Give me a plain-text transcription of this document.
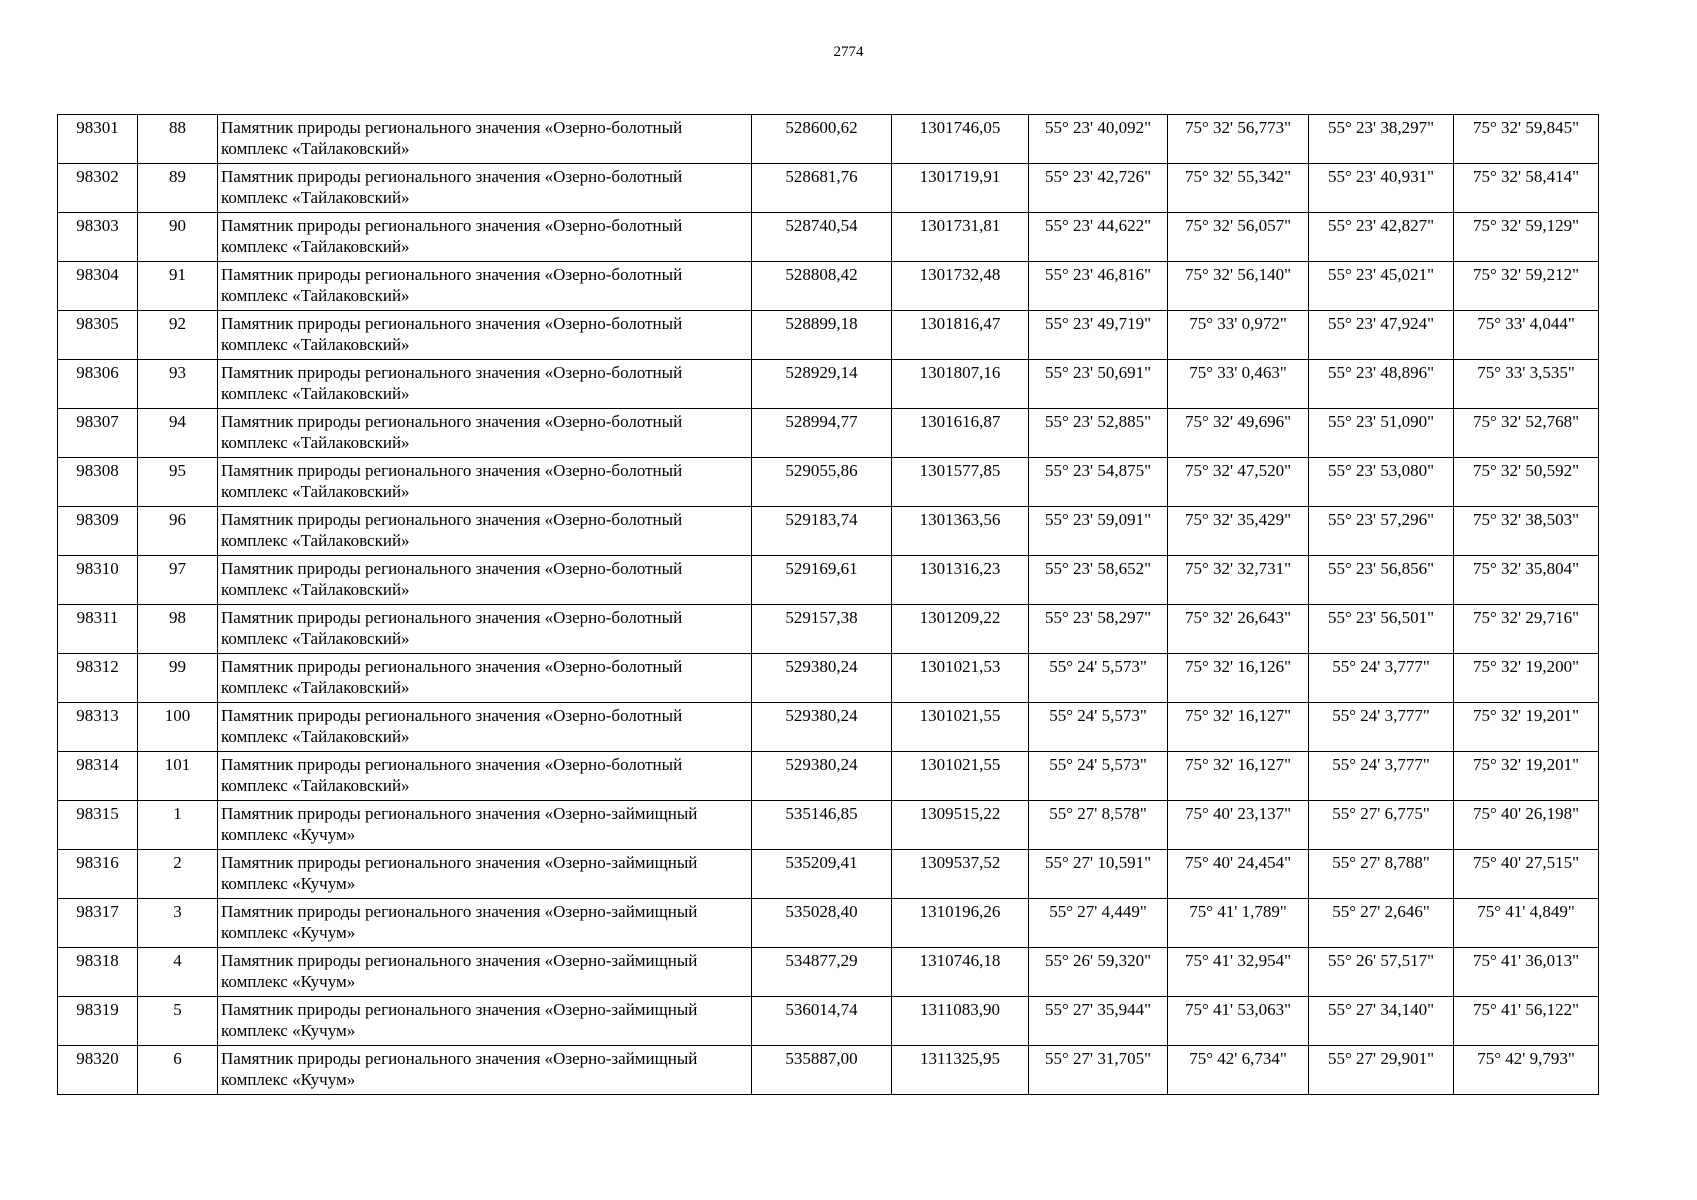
2774
98301	88	Памятник природы регионального значения «Озерно-болотный комплекс «Тайлаковский»	528600,62	1301746,05	55° 23' 40,092"	75° 32' 56,773"	55° 23' 38,297"	75° 32' 59,845"
98302	89	Памятник природы регионального значения «Озерно-болотный комплекс «Тайлаковский»	528681,76	1301719,91	55° 23' 42,726"	75° 32' 55,342"	55° 23' 40,931"	75° 32' 58,414"
98303	90	Памятник природы регионального значения «Озерно-болотный комплекс «Тайлаковский»	528740,54	1301731,81	55° 23' 44,622"	75° 32' 56,057"	55° 23' 42,827"	75° 32' 59,129"
98304	91	Памятник природы регионального значения «Озерно-болотный комплекс «Тайлаковский»	528808,42	1301732,48	55° 23' 46,816"	75° 32' 56,140"	55° 23' 45,021"	75° 32' 59,212"
98305	92	Памятник природы регионального значения «Озерно-болотный комплекс «Тайлаковский»	528899,18	1301816,47	55° 23' 49,719"	75° 33' 0,972"	55° 23' 47,924"	75° 33' 4,044"
98306	93	Памятник природы регионального значения «Озерно-болотный комплекс «Тайлаковский»	528929,14	1301807,16	55° 23' 50,691"	75° 33' 0,463"	55° 23' 48,896"	75° 33' 3,535"
98307	94	Памятник природы регионального значения «Озерно-болотный комплекс «Тайлаковский»	528994,77	1301616,87	55° 23' 52,885"	75° 32' 49,696"	55° 23' 51,090"	75° 32' 52,768"
98308	95	Памятник природы регионального значения «Озерно-болотный комплекс «Тайлаковский»	529055,86	1301577,85	55° 23' 54,875"	75° 32' 47,520"	55° 23' 53,080"	75° 32' 50,592"
98309	96	Памятник природы регионального значения «Озерно-болотный комплекс «Тайлаковский»	529183,74	1301363,56	55° 23' 59,091"	75° 32' 35,429"	55° 23' 57,296"	75° 32' 38,503"
98310	97	Памятник природы регионального значения «Озерно-болотный комплекс «Тайлаковский»	529169,61	1301316,23	55° 23' 58,652"	75° 32' 32,731"	55° 23' 56,856"	75° 32' 35,804"
98311	98	Памятник природы регионального значения «Озерно-болотный комплекс «Тайлаковский»	529157,38	1301209,22	55° 23' 58,297"	75° 32' 26,643"	55° 23' 56,501"	75° 32' 29,716"
98312	99	Памятник природы регионального значения «Озерно-болотный комплекс «Тайлаковский»	529380,24	1301021,53	55° 24' 5,573"	75° 32' 16,126"	55° 24' 3,777"	75° 32' 19,200"
98313	100	Памятник природы регионального значения «Озерно-болотный комплекс «Тайлаковский»	529380,24	1301021,55	55° 24' 5,573"	75° 32' 16,127"	55° 24' 3,777"	75° 32' 19,201"
98314	101	Памятник природы регионального значения «Озерно-болотный комплекс «Тайлаковский»	529380,24	1301021,55	55° 24' 5,573"	75° 32' 16,127"	55° 24' 3,777"	75° 32' 19,201"
98315	1	Памятник природы регионального значения «Озерно-займищный комплекс «Кучум»	535146,85	1309515,22	55° 27' 8,578"	75° 40' 23,137"	55° 27' 6,775"	75° 40' 26,198"
98316	2	Памятник природы регионального значения «Озерно-займищный комплекс «Кучум»	535209,41	1309537,52	55° 27' 10,591"	75° 40' 24,454"	55° 27' 8,788"	75° 40' 27,515"
98317	3	Памятник природы регионального значения «Озерно-займищный комплекс «Кучум»	535028,40	1310196,26	55° 27' 4,449"	75° 41' 1,789"	55° 27' 2,646"	75° 41' 4,849"
98318	4	Памятник природы регионального значения «Озерно-займищный комплекс «Кучум»	534877,29	1310746,18	55° 26' 59,320"	75° 41' 32,954"	55° 26' 57,517"	75° 41' 36,013"
98319	5	Памятник природы регионального значения «Озерно-займищный комплекс «Кучум»	536014,74	1311083,90	55° 27' 35,944"	75° 41' 53,063"	55° 27' 34,140"	75° 41' 56,122"
98320	6	Памятник природы регионального значения «Озерно-займищный комплекс «Кучум»	535887,00	1311325,95	55° 27' 31,705"	75° 42' 6,734"	55° 27' 29,901"	75° 42' 9,793"
